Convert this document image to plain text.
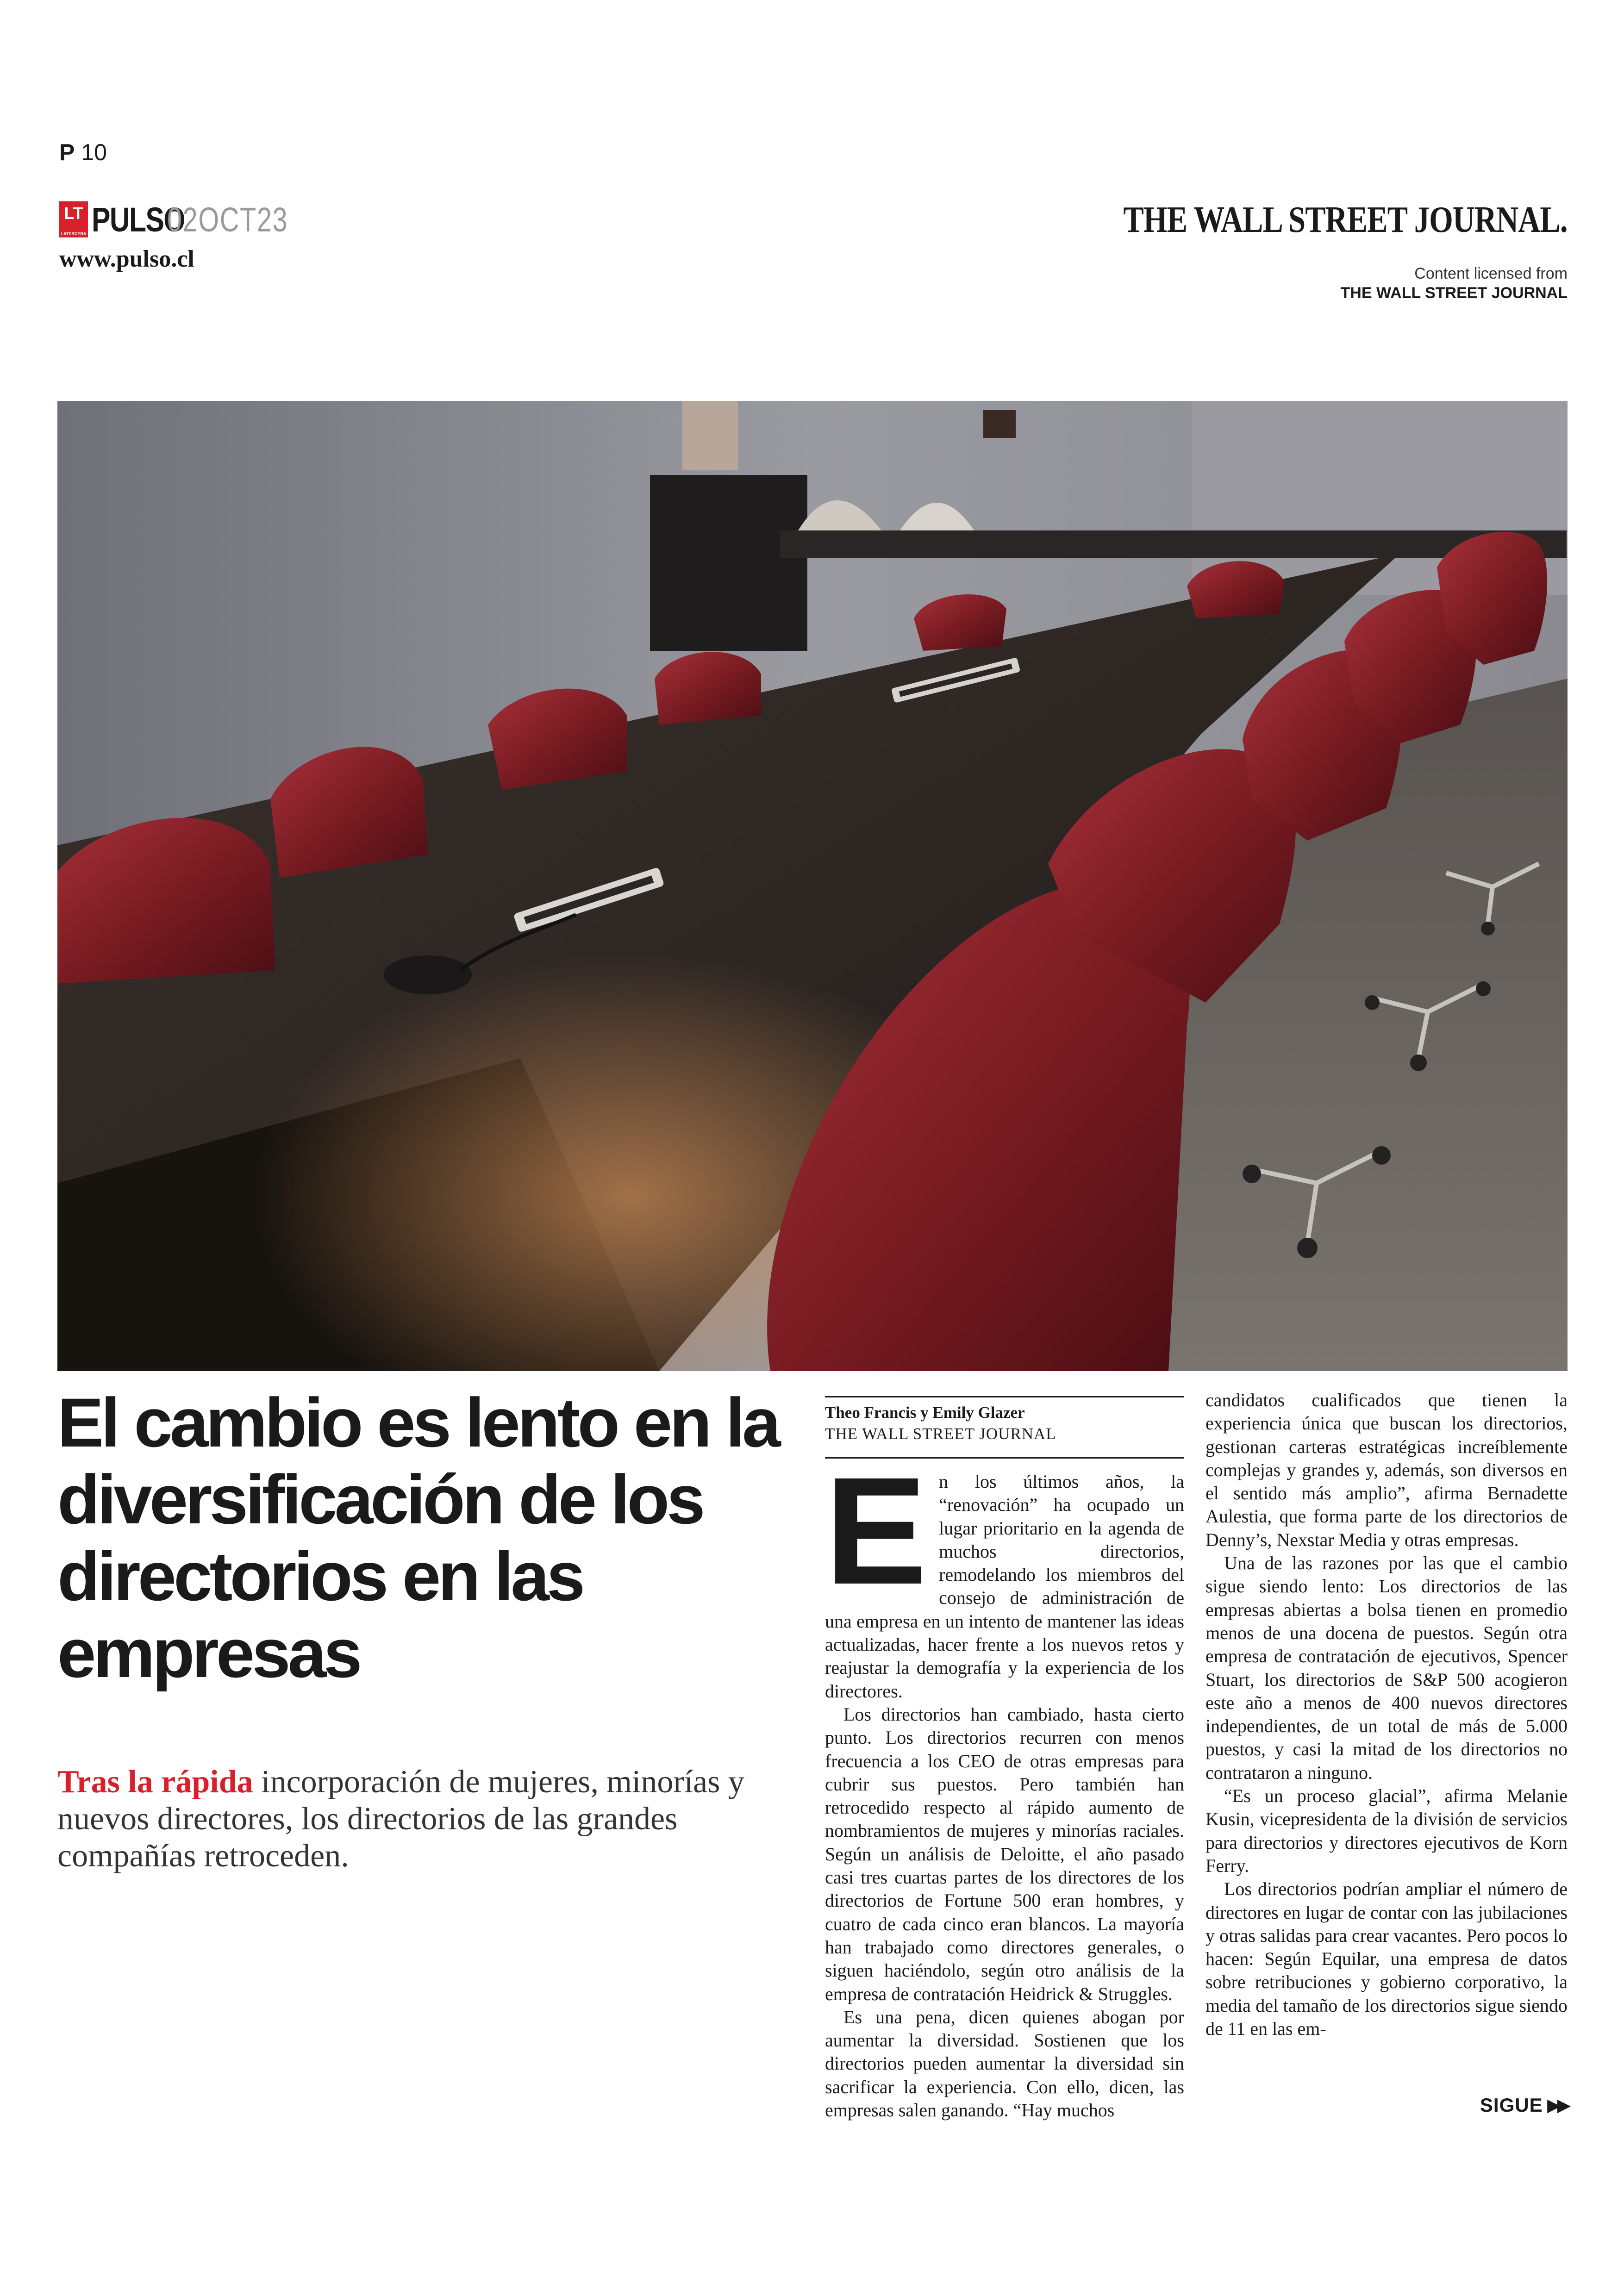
P 10
LT
LATERCERA PULSO
02OCT23
www.pulso.cl
THE WALL STREET JOURNAL.
Content licensed from
THE WALL STREET JOURNAL
El cambio es lento en la diversificación de los directorios en las empresas

Tras la rápida incorporación de mujeres, minorías y nuevos directores, los directorios de las grandes compañías retroceden.

Theo Francis y Emily Glazer
THE WALL STREET JOURNAL
E n los últimos años, la “renovación” ha ocupado un lugar prioritario en la agenda de muchos directorios, remodelando los miembros del consejo de administración de una empresa en un intento de mantener las ideas actualizadas, hacer frente a los nuevos retos y reajustar la demografía y la experiencia de los directores.

Los directorios han cambiado, hasta cierto punto. Los directorios recurren con menos frecuencia a los CEO de otras empresas para cubrir sus puestos. Pero también han retrocedido respecto al rápido aumento de nombramientos de mujeres y minorías raciales. Según un análisis de Deloitte, el año pasado casi tres cuartas partes de los directores de los directorios de Fortune 500 eran hombres, y cuatro de cada cinco eran blancos. La mayoría han trabajado como directores generales, o siguen haciéndolo, según otro análisis de la empresa de contratación Heidrick & Struggles.

Es una pena, dicen quienes abogan por aumentar la diversidad. Sostienen que los directorios pueden aumentar la diversidad sin sacrificar la experiencia. Con ello, dicen, las empresas salen ganando. “Hay muchos

candidatos cualificados que tienen la experiencia única que buscan los directorios, gestionan carteras estratégicas increíblemente complejas y grandes y, además, son diversos en el sentido más amplio”, afirma Bernadette Aulestia, que forma parte de los directorios de Denny’s, Nexstar Media y otras empresas.

Una de las razones por las que el cambio sigue siendo lento: Los directorios de las empresas abiertas a bolsa tienen en promedio menos de una docena de puestos. Según otra empresa de contratación de ejecutivos, Spencer Stuart, los directorios de S&P 500 acogieron este año a menos de 400 nuevos directores independientes, de un total de más de 5.000 puestos, y casi la mitad de los directorios no contrataron a ninguno.

“Es un proceso glacial”, afirma Melanie Kusin, vicepresidenta de la división de servicios para directorios y directores ejecutivos de Korn Ferry.

Los directorios podrían ampliar el número de directores en lugar de contar con las jubilaciones y otras salidas para crear vacantes. Pero pocos lo hacen: Según Equilar, una empresa de datos sobre retribuciones y gobierno corporativo, la media del tamaño de los directorios sigue siendo de 11 en las em-

SIGUE ▶▶
